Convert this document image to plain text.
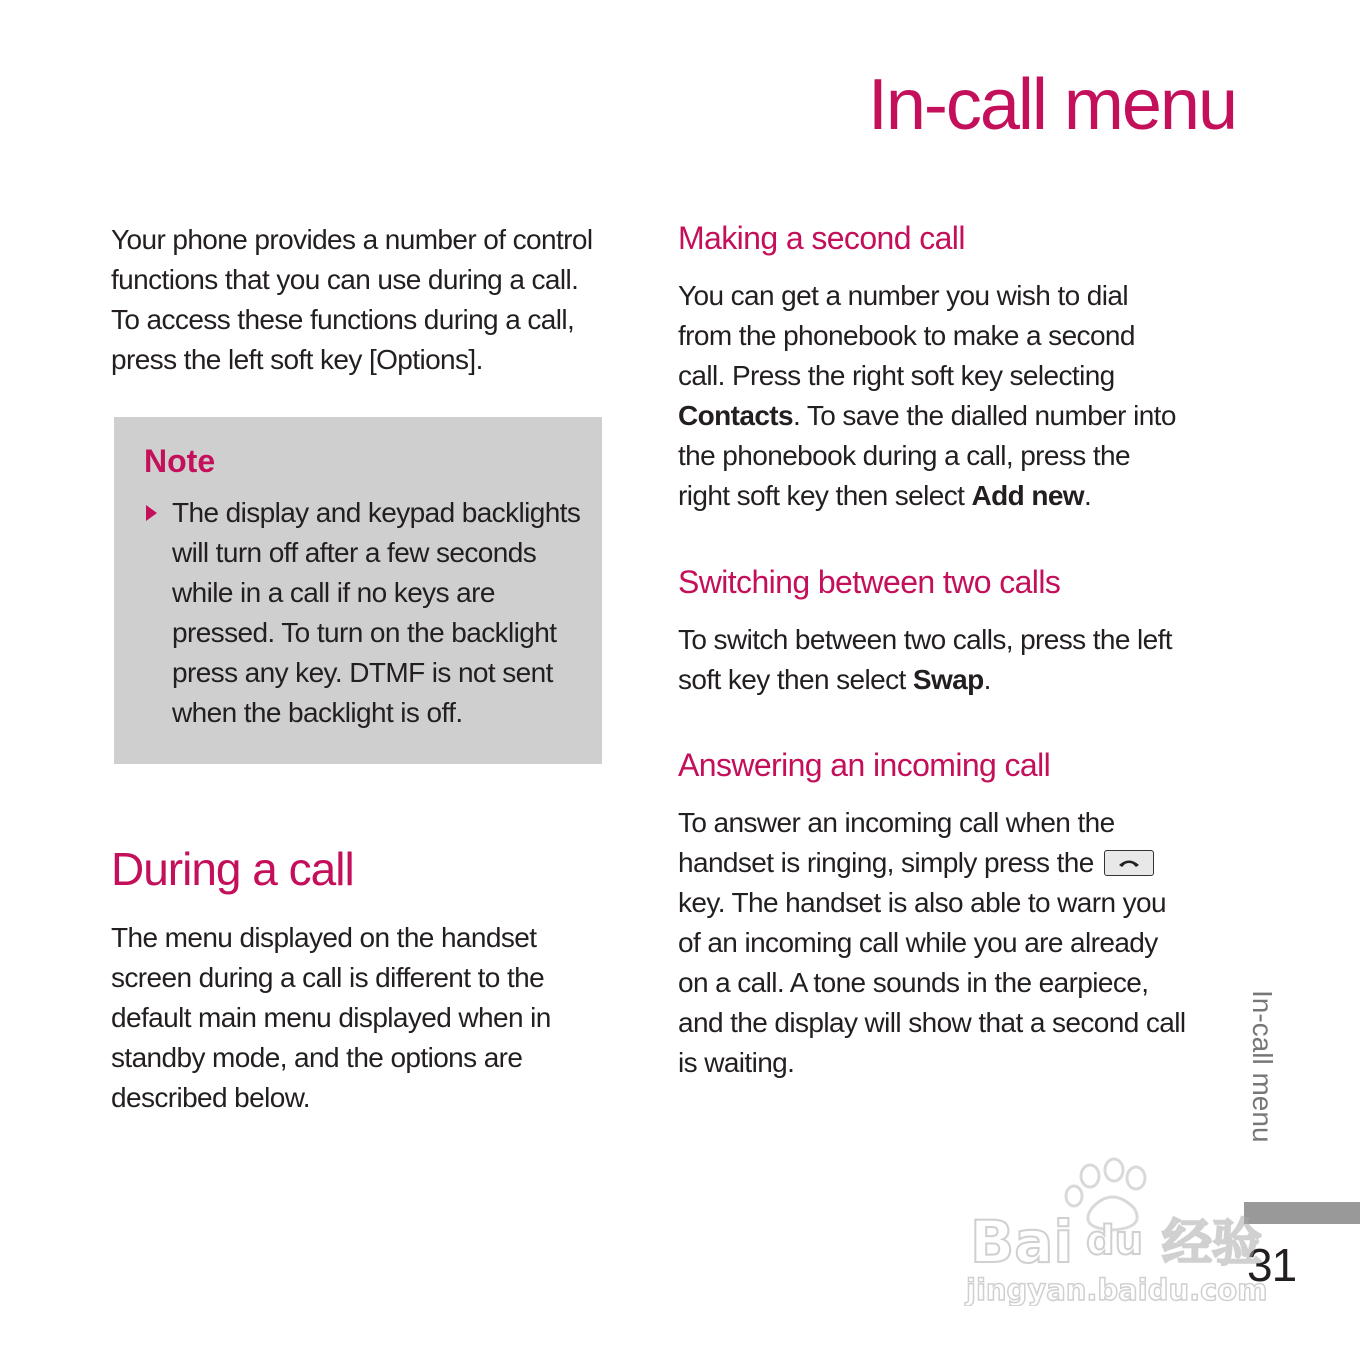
In-call menu

Your phone provides a number of control functions that you can use during a call. To access these functions during a call, press the left soft key [Options].

Note

The display and keypad backlights will turn off after a few seconds while in a call if no keys are pressed. To turn on the backlight press any key. DTMF is not sent when the backlight is off.

During a call

The menu displayed on the handset screen during a call is different to the default main menu displayed when in standby mode, and the options are described below.

Making a second call

You can get a number you wish to dial from the phonebook to make a second call. Press the right soft key selecting Contacts. To save the dialled number into the phonebook during a call, press the right soft key then select Add new.

Switching between two calls

To switch between two calls, press the left soft key then select Swap.

Answering an incoming call

To answer an incoming call when the handset is ringing, simply press the
key. The handset is also able to warn you of an incoming call while you are already on a call. A tone sounds in the earpiece, and the display will show that a second call is waiting.	In-call menu

31

Bai du 经验
jingyan.baidu.com
